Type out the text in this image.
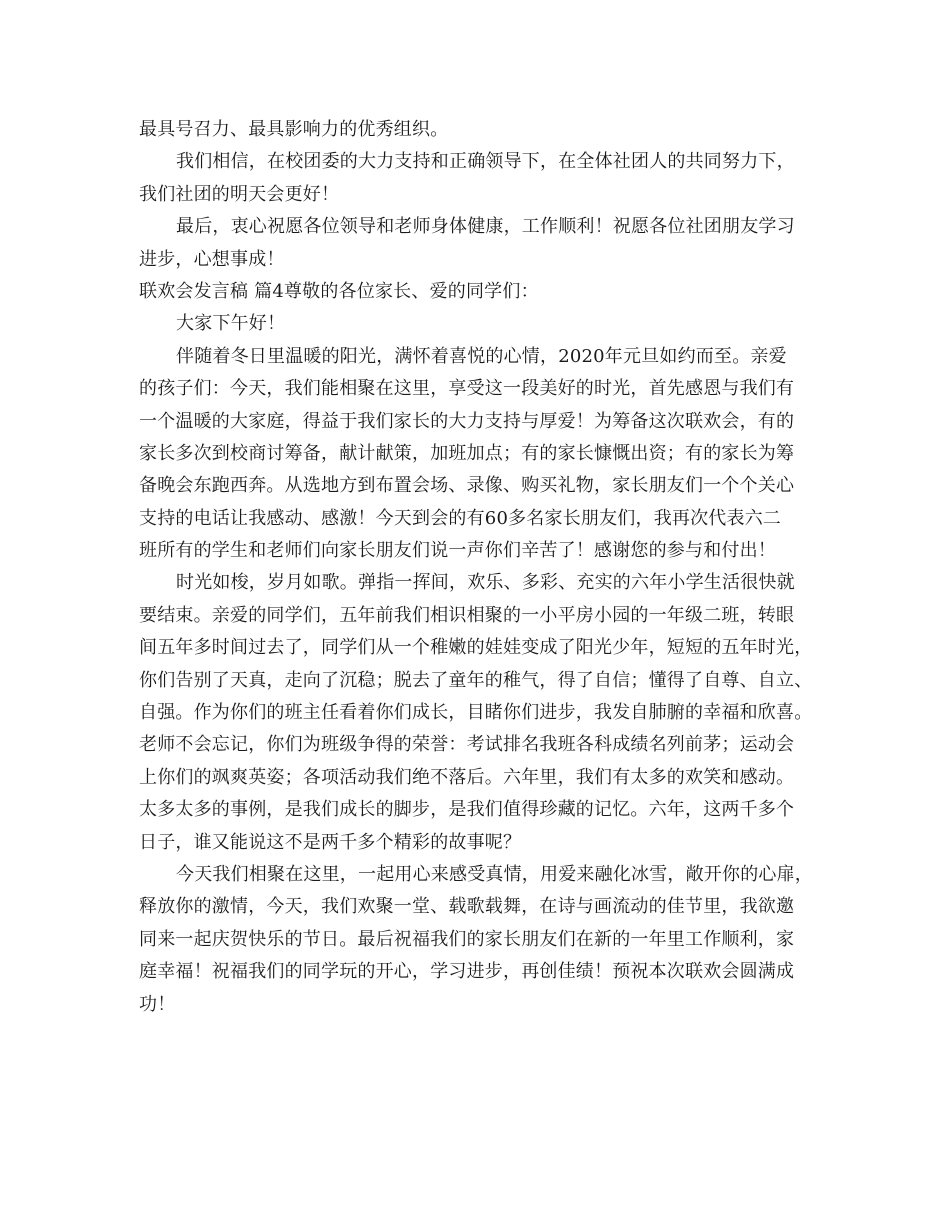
最具号召力、最具影响力的优秀组织。
我们相信，在校团委的大力支持和正确领导下，在全体社团人的共同努力下，
我们社团的明天会更好！
最后，衷心祝愿各位领导和老师身体健康，工作顺利！祝愿各位社团朋友学习
进步，心想事成！
联欢会发言稿 篇4尊敬的各位家长、爱的同学们：
大家下午好！
伴随着冬日里温暖的阳光，满怀着喜悦的心情，2020年元旦如约而至。亲爱
的孩子们：今天，我们能相聚在这里，享受这一段美好的时光，首先感恩与我们有
一个温暖的大家庭，得益于我们家长的大力支持与厚爱！为筹备这次联欢会，有的
家长多次到校商讨筹备，献计献策，加班加点；有的家长慷慨出资；有的家长为筹
备晚会东跑西奔。从选地方到布置会场、录像、购买礼物，家长朋友们一个个关心
支持的电话让我感动、感激！今天到会的有60多名家长朋友们，我再次代表六二
班所有的学生和老师们向家长朋友们说一声你们辛苦了！感谢您的参与和付出！
时光如梭，岁月如歌。弹指一挥间，欢乐、多彩、充实的六年小学生活很快就
要结束。亲爱的同学们，五年前我们相识相聚的一小平房小园的一年级二班，转眼
间五年多时间过去了，同学们从一个稚嫩的娃娃变成了阳光少年，短短的五年时光，
你们告别了天真，走向了沉稳；脱去了童年的稚气，得了自信；懂得了自尊、自立、
自强。作为你们的班主任看着你们成长，目睹你们进步，我发自肺腑的幸福和欣喜。
老师不会忘记，你们为班级争得的荣誉：考试排名我班各科成绩名列前茅；运动会
上你们的飒爽英姿；各项活动我们绝不落后。六年里，我们有太多的欢笑和感动。
太多太多的事例，是我们成长的脚步，是我们值得珍藏的记忆。六年，这两千多个
日子，谁又能说这不是两千多个精彩的故事呢？
今天我们相聚在这里，一起用心来感受真情，用爱来融化冰雪，敞开你的心扉，
释放你的激情，今天，我们欢聚一堂、载歌载舞，在诗与画流动的佳节里，我欲邀
同来一起庆贺快乐的节日。最后祝福我们的家长朋友们在新的一年里工作顺利，家
庭幸福！祝福我们的同学玩的开心，学习进步，再创佳绩！预祝本次联欢会圆满成
功！
